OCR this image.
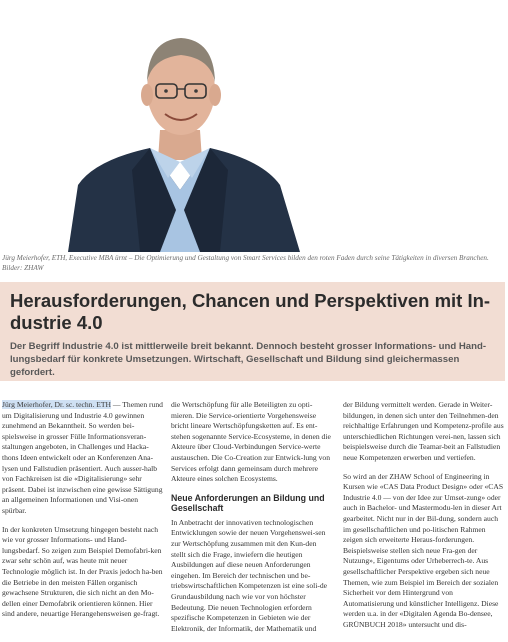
Jürg Meierhofer, ETH, Executive MBA ürnt – Die Optimierung und Gestaltung von Smart Services bilden den roten Faden durch seine Tätigkeiten in diversen Branchen. Bilder: ZHAW
Herausforderungen, Chancen und Perspektiven mit In-dustrie 4.0

Der Begriff Industrie 4.0 ist mittlerweile breit bekannt. Dennoch besteht grosser Informations- und Hand-lungsbedarf für konkrete Umsetzungen. Wirtschaft, Gesellschaft und Bildung sind gleichermassen gefordert.

Jürg Meierhofer, Dr. sc. techn. ETH — Themen rund um Digitalisierung und Industrie 4.0 gewinnen zunehmend an Bekanntheit. So werden bei-spielsweise in grosser Fülle Informationsveran-staltungen angeboten, in Challenges und Hacka-thons Ideen entwickelt oder an Konferenzen Ana-lysen und Fallstudien präsentiert. Auch ausser-halb von Fachkreisen ist die «Digitalisierung» sehr präsent. Dabei ist inzwischen eine gewisse Sättigung an allgemeinen Informationen und Visi-onen spürbar.

In der konkreten Umsetzung hingegen besteht nach wie vor grosser Informations- und Hand-lungsbedarf. So zeigen zum Beispiel Demofabri-ken zwar sehr schön auf, was heute mit neuer Technologie möglich ist. In der Praxis jedoch ha-ben die Betriebe in den meisten Fällen organisch gewachsene Strukturen, die sich nicht an den Mo-dellen einer Demofabrik orientieren können. Hier sind andere, neuartige Herangehensweisen ge-fragt.

die Wertschöpfung für alle Beteiligten zu opti-mieren. Die Service-orientierte Vorgehensweise bricht lineare Wertschöpfungsketten auf. Es ent-stehen sogenannte Service-Ecosysteme, in denen die Akteure über Cloud-Verbindungen Service-werte austauschen. Die Co-Creation zur Entwick-lung von Services erfolgt dann gemeinsam durch mehrere Akteure eines solchen Ecosystems.

Neue Anforderungen an Bildung und Gesellschaft

In Anbetracht der innovativen technologischen Entwicklungen sowie der neuen Vorgehenswei-sen zur Wertschöpfung zusammen mit den Kun-den stellt sich die Frage, inwiefern die heutigen Ausbildungen auf diese neuen Anforderungen eingehen. Im Bereich der technischen und be-triebswirtschaftlichen Kompetenzen ist eine soli-de Grundausbildung nach wie vor von höchster Bedeutung. Die neuen Technologien erfordern spezifische Kompetenzen in Gebieten wie der Elektronik, der Informatik, der Mathematik und

der Bildung vermittelt werden. Gerade in Weiter-bildungen, in denen sich unter den Teilnehmen-den reichhaltige Erfahrungen und Kompetenz-profile aus unterschiedlichen Richtungen verei-nen, lassen sich beispielsweise durch die Teamar-beit an Fallstudien neue Kompetenzen erwerben und vertiefen.

So wird an der ZHAW School of Engineering in Kursen wie «CAS Data Product Design» oder «CAS Industrie 4.0 — von der Idee zur Umset-zung» oder auch in Bachelor- und Mastermodu-len in dieser Art gearbeitet. Nicht nur in der Bil-dung, sondern auch im gesellschaftlichen und po-litischen Rahmen zeigen sich erweiterte Heraus-forderungen. Beispielsweise stellen sich neue Fra-gen der Nutzung», Eigentums oder Urheberrech-te. Aus gesellschaftlicher Perspektive ergeben sich neue Themen, wie zum Beispiel im Bereich der sozialen Sicherheit vor dem Hintergrund von Automatisierung und künstlicher Intelligenz. Diese werden u.a. in der «Digitalen Agenda Bo-densee, GRÜNBUCH 2018» untersucht und dis-
